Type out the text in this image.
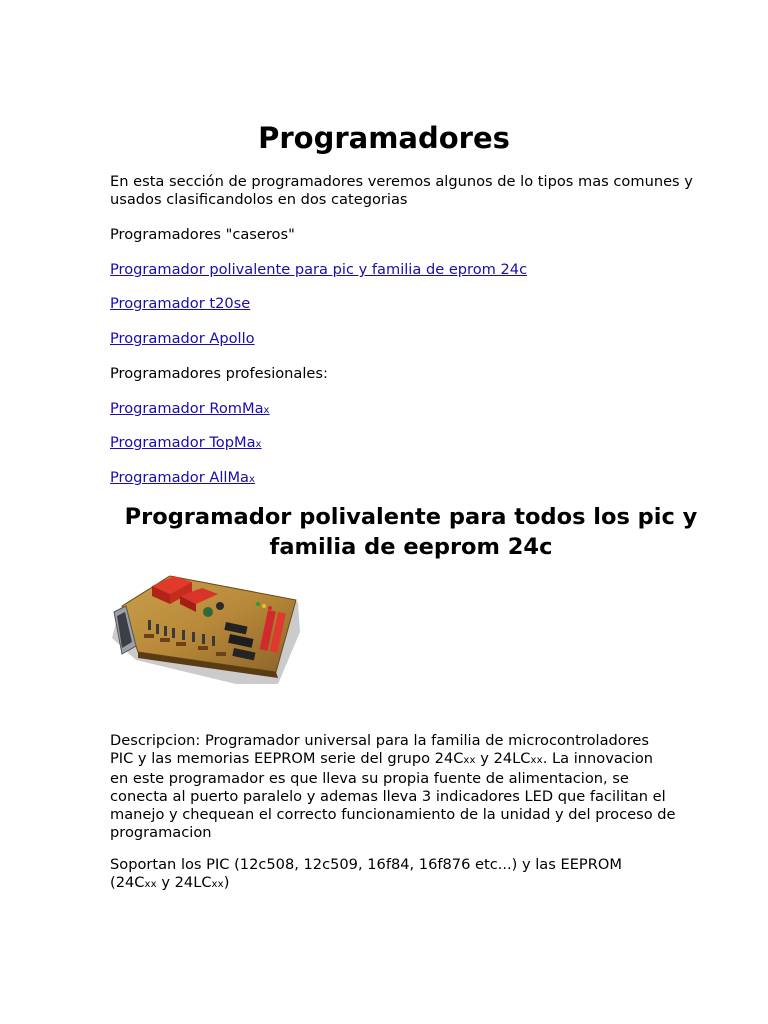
Programadores

En esta sección de programadores veremos algunos de lo tipos mas comunes y usados clasificandolos en dos categorias

Programadores "caseros"

Programador polivalente para pic y familia de eprom 24c

Programador t20se

Programador Apollo

Programadores profesionales:

Programador RomMax

Programador TopMax

Programador AllMax

Programador polivalente para todos los pic y
familia de eeprom 24c

Descripcion: Programador universal para la familia de microcontroladores
PIC y las memorias EEPROM serie del grupo 24Cxx y 24LCxx. La innovacion
en este programador es que lleva su propia fuente de alimentacion, se
conecta al puerto paralelo y ademas lleva 3 indicadores LED que facilitan el
manejo y chequean el correcto funcionamiento de la unidad y del proceso de
programacion

Soportan los PIC (12c508, 12c509, 16f84, 16f876 etc...) y las EEPROM
(24Cxx y 24LCxx)
